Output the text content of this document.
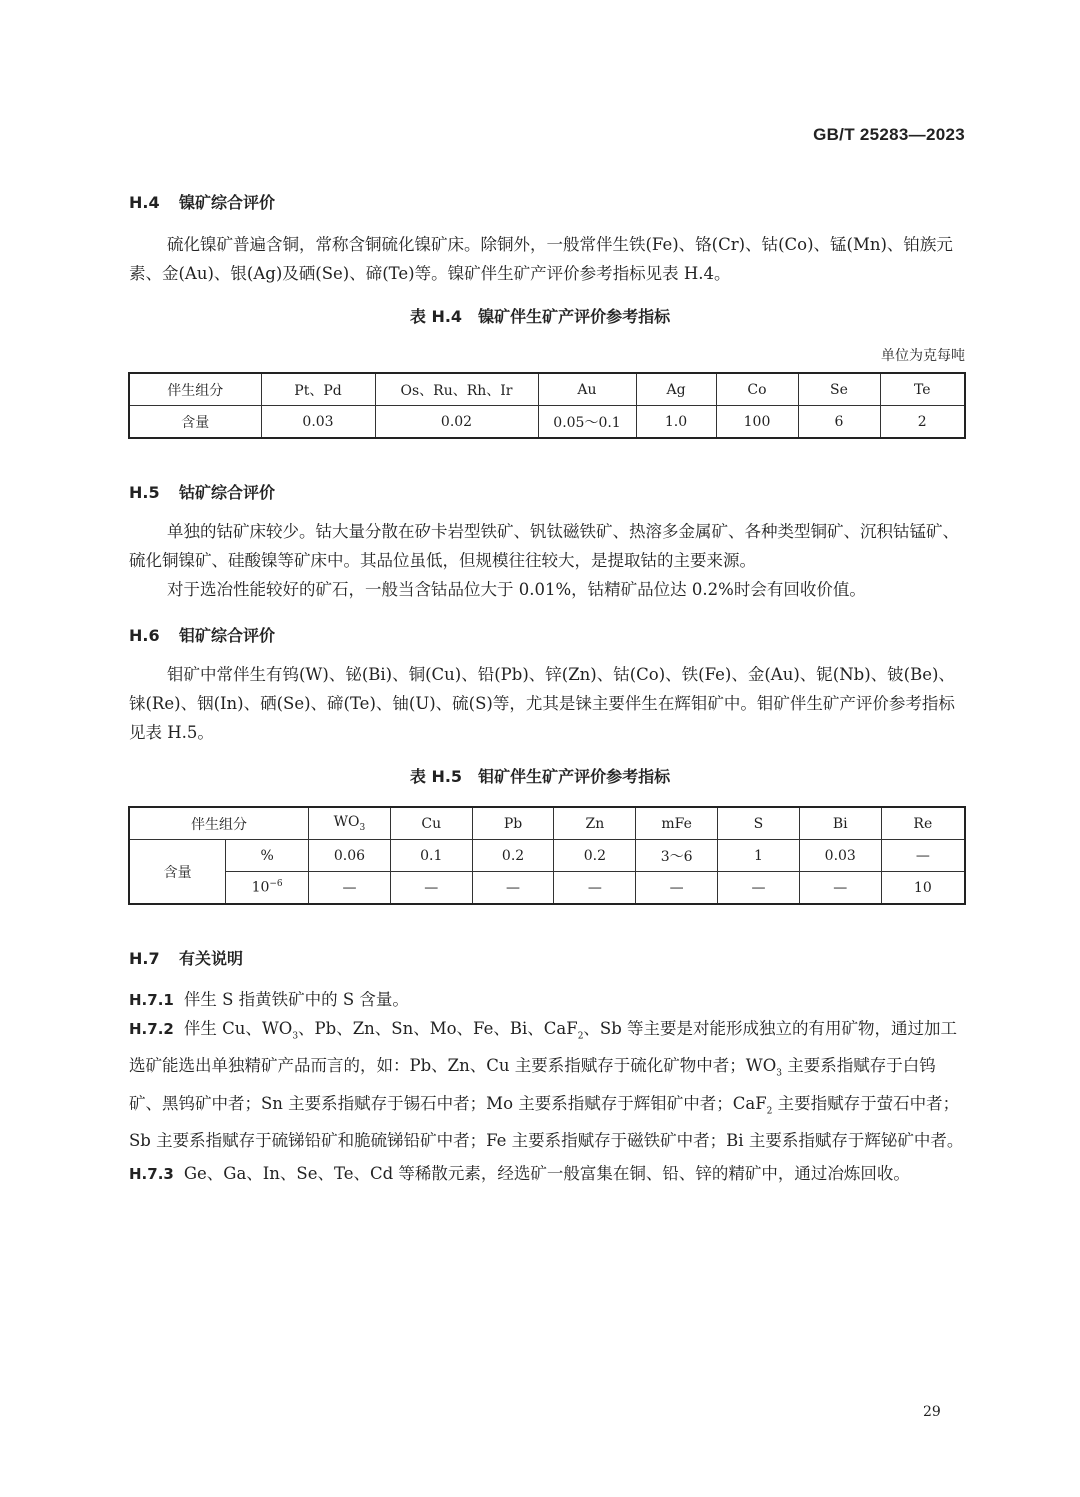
GB/T 25283—2023
H.4 镍矿综合评价
硫化镍矿普遍含铜，常称含铜硫化镍矿床。除铜外，一般常伴生铁(Fe)、铬(Cr)、钴(Co)、锰(Mn)、铂族元素、金(Au)、银(Ag)及硒(Se)、碲(Te)等。镍矿伴生矿产评价参考指标见表 H.4。
表 H.4 镍矿伴生矿产评价参考指标
单位为克每吨
伴生组分	Pt、Pd	Os、Ru、Rh、Ir	Au	Ag	Co	Se	Te
含量	0.03	0.02	0.05～0.1	1.0	100	6	2
H.5 钴矿综合评价
单独的钴矿床较少。钴大量分散在矽卡岩型铁矿、钒钛磁铁矿、热溶多金属矿、各种类型铜矿、沉积钴锰矿、硫化铜镍矿、硅酸镍等矿床中。其品位虽低，但规模往往较大，是提取钴的主要来源。
对于选冶性能较好的矿石，一般当含钴品位大于 0.01%，钴精矿品位达 0.2%时会有回收价值。
H.6 钼矿综合评价
钼矿中常伴生有钨(W)、铋(Bi)、铜(Cu)、铅(Pb)、锌(Zn)、钴(Co)、铁(Fe)、金(Au)、铌(Nb)、铍(Be)、铼(Re)、铟(In)、硒(Se)、碲(Te)、铀(U)、硫(S)等，尤其是铼主要伴生在辉钼矿中。钼矿伴生矿产评价参考指标见表 H.5。
表 H.5 钼矿伴生矿产评价参考指标
伴生组分		$WO_3$	Cu	Pb	Zn	mFe	S	Bi	Re
含量	%	0.06	0.1	0.2	0.2	3～6	1	0.03	—
	$10^{-6}$	—	—	—	—	—	—	—	10
H.7 有关说明
H.7.1 伴生 S 指黄铁矿中的 S 含量。
H.7.2 伴生 Cu、$WO_3$、Pb、Zn、Sn、Mo、Fe、Bi、CaF$_2$、Sb 等主要是对能形成独立的有用矿物，通过加工选矿能选出单独精矿产品而言的，如：Pb、Zn、Cu 主要系指赋存于硫化矿物中者；$WO_3$ 主要系指赋存于白钨矿、黑钨矿中者；Sn 主要系指赋存于锡石中者；Mo 主要系指赋存于辉钼矿中者；CaF$_2$ 主要指赋存于萤石中者；Sb 主要系指赋存于硫锑铅矿和脆硫锑铅矿中者；Fe 主要系指赋存于磁铁矿中者；Bi 主要系指赋存于辉铋矿中者。
H.7.3 Ge、Ga、In、Se、Te、Cd 等稀散元素，经选矿一般富集在铜、铅、锌的精矿中，通过冶炼回收。
29
